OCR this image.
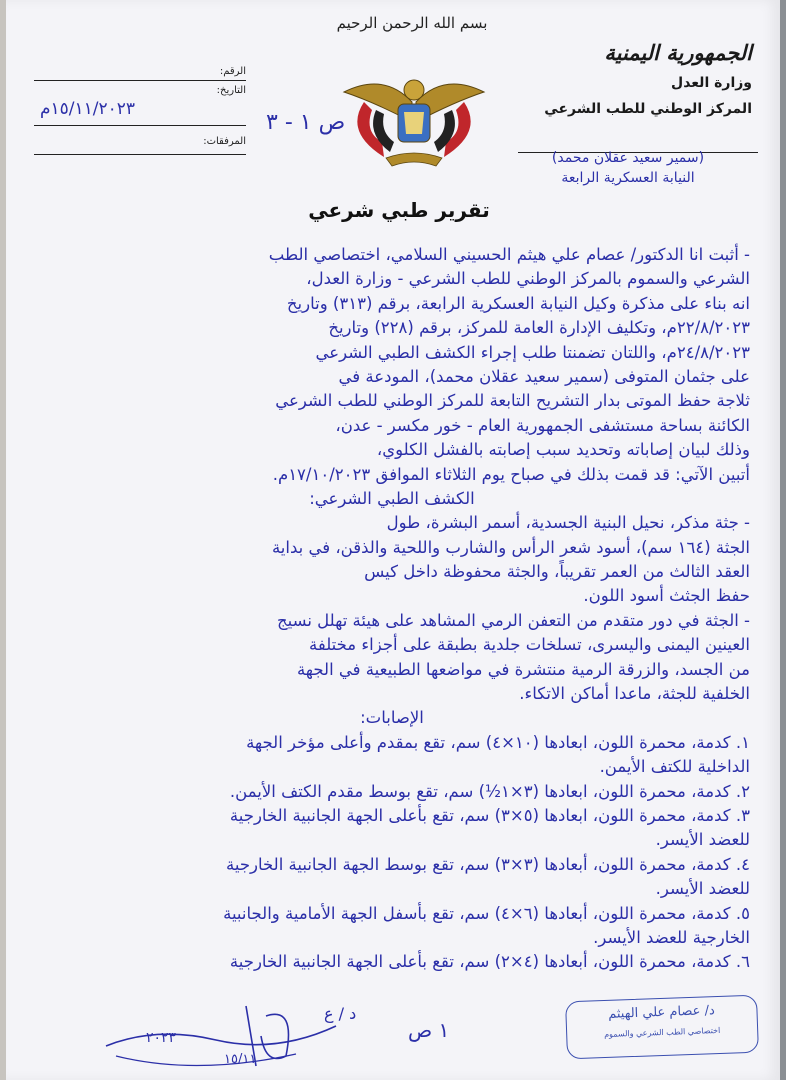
بسم الله الرحمن الرحيم
الجمهورية اليمنية
وزارة العدل
المركز الوطني للطب الشرعي
الرقم:
التاريخ:
١٥/١١/٢٠٢٣م
المرفقات:
ص ١ - ٣
(سمير سعيد عقلان محمد)
النيابة العسكرية الرابعة
تقرير طبي شرعي
- أثبت انا الدكتور/ عصام علي هيثم الحسيني السلامي، اختصاصي الطب
الشرعي والسموم بالمركز الوطني للطب الشرعي - وزارة العدل،
انه بناء على مذكرة وكيل النيابة العسكرية الرابعة، برقم (٣١٣) وتاريخ
٢٢/٨/٢٠٢٣م، وتكليف الإدارة العامة للمركز، برقم (٢٢٨) وتاريخ
٢٤/٨/٢٠٢٣م، واللتان تضمنتا طلب إجراء الكشف الطبي الشرعي
على جثمان المتوفى (سمير سعيد عقلان محمد)، المودعة في
ثلاجة حفظ الموتى بدار التشريح التابعة للمركز الوطني للطب الشرعي
الكائنة بساحة مستشفى الجمهورية العام - خور مكسر - عدن،
وذلك لبيان إصاباته وتحديد سبب إصابته بالفشل الكلوي،
أتبين الآتي: قد قمت بذلك في صباح يوم الثلاثاء الموافق ١٧/١٠/٢٠٢٣م.
الكشف الطبي الشرعي:
- جثة مذكر، نحيل البنية الجسدية، أسمر البشرة، طول
الجثة (١٦٤ سم)، أسود شعر الرأس والشارب واللحية والذقن، في بداية
العقد الثالث من العمر تقريباً، والجثة محفوظة داخل كيس
حفظ الجثث أسود اللون.
- الجثة في دور متقدم من التعفن الرمي المشاهد على هيئة تهلل نسيج
العينين اليمنى واليسرى، تسلخات جلدية بطبقة على أجزاء مختلفة
من الجسد، والزرقة الرمية منتشرة في مواضعها الطبيعية في الجهة
الخلفية للجثة، ماعدا أماكن الاتكاء.
الإصابات:
١. كدمة، محمرة اللون، ابعادها (١٠×٤) سم، تقع بمقدم وأعلى مؤخر الجهة
الداخلية للكتف الأيمن.
٢. كدمة، محمرة اللون، ابعادها (٣×١½) سم، تقع بوسط مقدم الكتف الأيمن.
٣. كدمة، محمرة اللون، ابعادها (٥×٣) سم، تقع بأعلى الجهة الجانبية الخارجية
للعضد الأيسر.
٤. كدمة، محمرة اللون، أبعادها (٣×٣) سم، تقع بوسط الجهة الجانبية الخارجية
للعضد الأيسر.
٥. كدمة، محمرة اللون، أبعادها (٦×٤) سم، تقع بأسفل الجهة الأمامية والجانبية
الخارجية للعضد الأيسر.
٦. كدمة، محمرة اللون، أبعادها (٤×٢) سم، تقع بأعلى الجهة الجانبية الخارجية
د/ عصام علي الهيثم
اختصاصي الطب الشرعي والسموم
١ ص
د / ع
٢٠٢٣
١٥/١١
